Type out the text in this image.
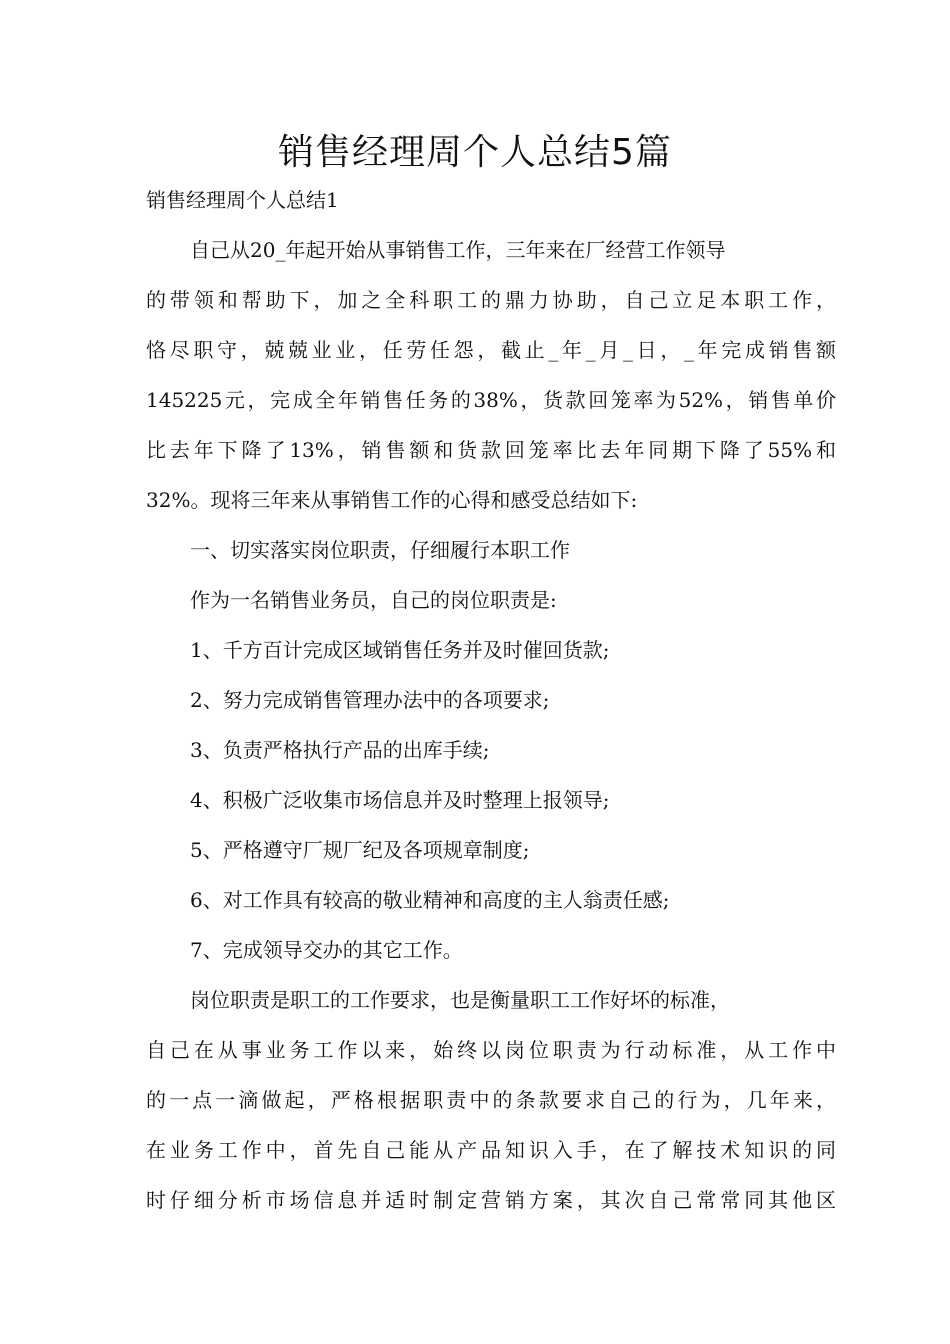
销售经理周个人总结5篇
销售经理周个人总结1
自己从20_年起开始从事销售工作，三年来在厂经营工作领导
的带领和帮助下，加之全科职工的鼎力协助，自己立足本职工作，
恪尽职守，兢兢业业，任劳任怨，截止_年_月_日，_年完成销售额
145225元，完成全年销售任务的38%，货款回笼率为52%，销售单价
比去年下降了13%，销售额和货款回笼率比去年同期下降了55%和
32%。现将三年来从事销售工作的心得和感受总结如下:
一、切实落实岗位职责，仔细履行本职工作
作为一名销售业务员，自己的岗位职责是:
1、千方百计完成区域销售任务并及时催回货款;
2、努力完成销售管理办法中的各项要求;
3、负责严格执行产品的出库手续;
4、积极广泛收集市场信息并及时整理上报领导;
5、严格遵守厂规厂纪及各项规章制度;
6、对工作具有较高的敬业精神和高度的主人翁责任感;
7、完成领导交办的其它工作。
岗位职责是职工的工作要求，也是衡量职工工作好坏的标准，
自己在从事业务工作以来，始终以岗位职责为行动标准，从工作中
的一点一滴做起，严格根据职责中的条款要求自己的行为，几年来，
在业务工作中，首先自己能从产品知识入手，在了解技术知识的同
时仔细分析市场信息并适时制定营销方案，其次自己常常同其他区
